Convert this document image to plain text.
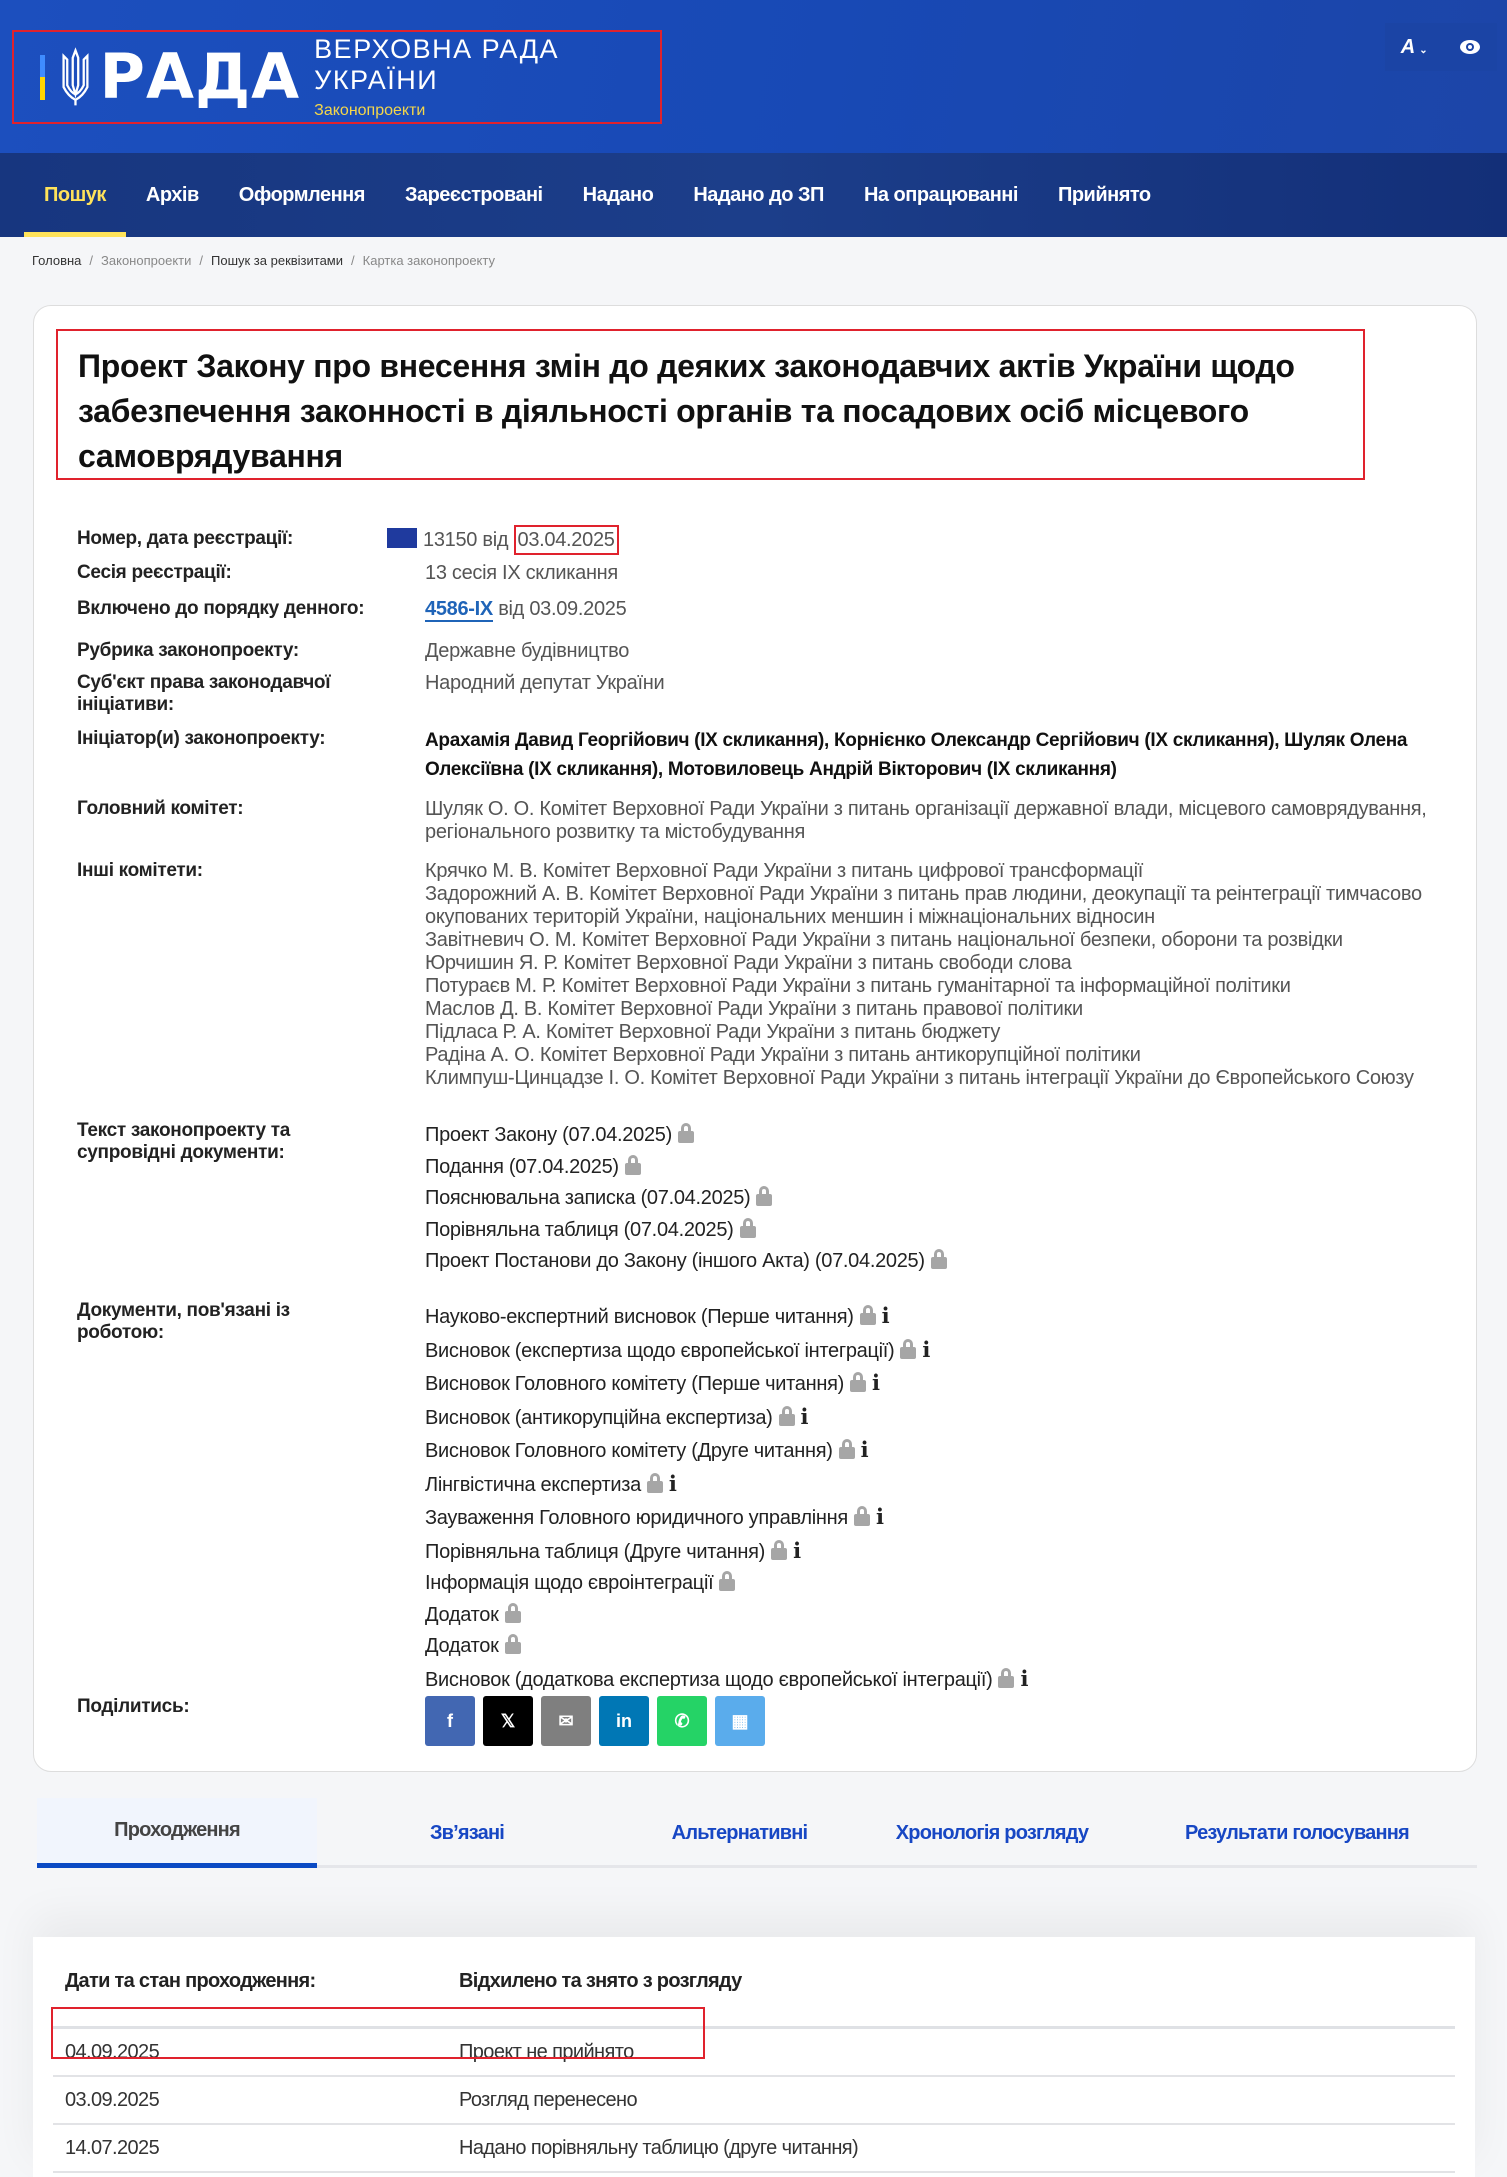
РАДА ВЕРХОВНА РАДА УКРАЇНИ
Законопроекти
A ⌄
Пошук	Архів	Оформлення	Зареєстровані	Надано	Надано до ЗП	На опрацюванні	Прийнято
Головна / Законопроекти / Пошук за реквізитами / Картка законопроекту
Проект Закону про внесення змін до деяких законодавчих актів України щодо забезпечення законності в діяльності органів та посадових осіб місцевого самоврядування
Номер, дата реєстрації:	13150 від 03.04.2025
Сесія реєстрації:	13 сесія IX скликання
Включено до порядку денного:	4586-IX від 03.09.2025
Рубрика законопроекту:	Державне будівництво
Суб'єкт права законодавчої ініціативи:
Народний депутат України
Ініціатор(и) законопроекту:	Арахамія Давид Георгійович (IX скликання), Корнієнко Олександр Сергійович (IX скликання), Шуляк Олена Олексіївна (IX скликання), Мотовиловець Андрій Вікторович (IX скликання)
Головний комітет:	Шуляк О. О. Комітет Верховної Ради України з питань організації державної влади, місцевого самоврядування, регіонального розвитку та містобудування
Інші комітети:	Крячко М. В. Комітет Верховної Ради України з питань цифрової трансформації
Задорожний А. В. Комітет Верховної Ради України з питань прав людини, деокупації та реінтеграції тимчасово окупованих територій України, національних меншин і міжнаціональних відносин
Завітневич О. М. Комітет Верховної Ради України з питань національної безпеки, оборони та розвідки
Юрчишин Я. Р. Комітет Верховної Ради України з питань свободи слова
Потураєв М. Р. Комітет Верховної Ради України з питань гуманітарної та інформаційної політики
Маслов Д. В. Комітет Верховної Ради України з питань правової політики
Підласа Р. А. Комітет Верховної Ради України з питань бюджету
Радіна А. О. Комітет Верховної Ради України з питань антикорупційної політики
Климпуш-Цинцадзе І. О. Комітет Верховної Ради України з питань інтеграції України до Європейського Союзу
Текст законопроекту та супровідні документи:
Проект Закону (07.04.2025)
Подання (07.04.2025)
Пояснювальна записка (07.04.2025)
Порівняльна таблиця (07.04.2025)
Проект Постанови до Закону (іншого Акта) (07.04.2025)
Документи, пов'язані із роботою:
Науково-експертний висновок (Перше читання) i
Висновок (експертиза щодо європейської інтеграції) i
Висновок Головного комітету (Перше читання) i
Висновок (антикорупційна експертиза) i
Висновок Головного комітету (Друге читання) i
Лінгвістична експертиза i
Зауваження Головного юридичного управління i
Порівняльна таблиця (Друге читання) i
Інформація щодо євроінтеграції
Додаток
Додаток
Висновок (додаткова експертиза щодо європейської інтеграції) i
Поділитись:
f	𝕏 ✉ in ✆ ▦
Проходження	Зв’язані	Альтернативні	Хронологія розгляду	Результати голосування
Дати та стан проходження:	Відхилено та знято з розгляду
04.09.2025	Проект не прийнято
03.09.2025	Розгляд перенесено
14.07.2025	Надано порівняльну таблицю (друге читання)
